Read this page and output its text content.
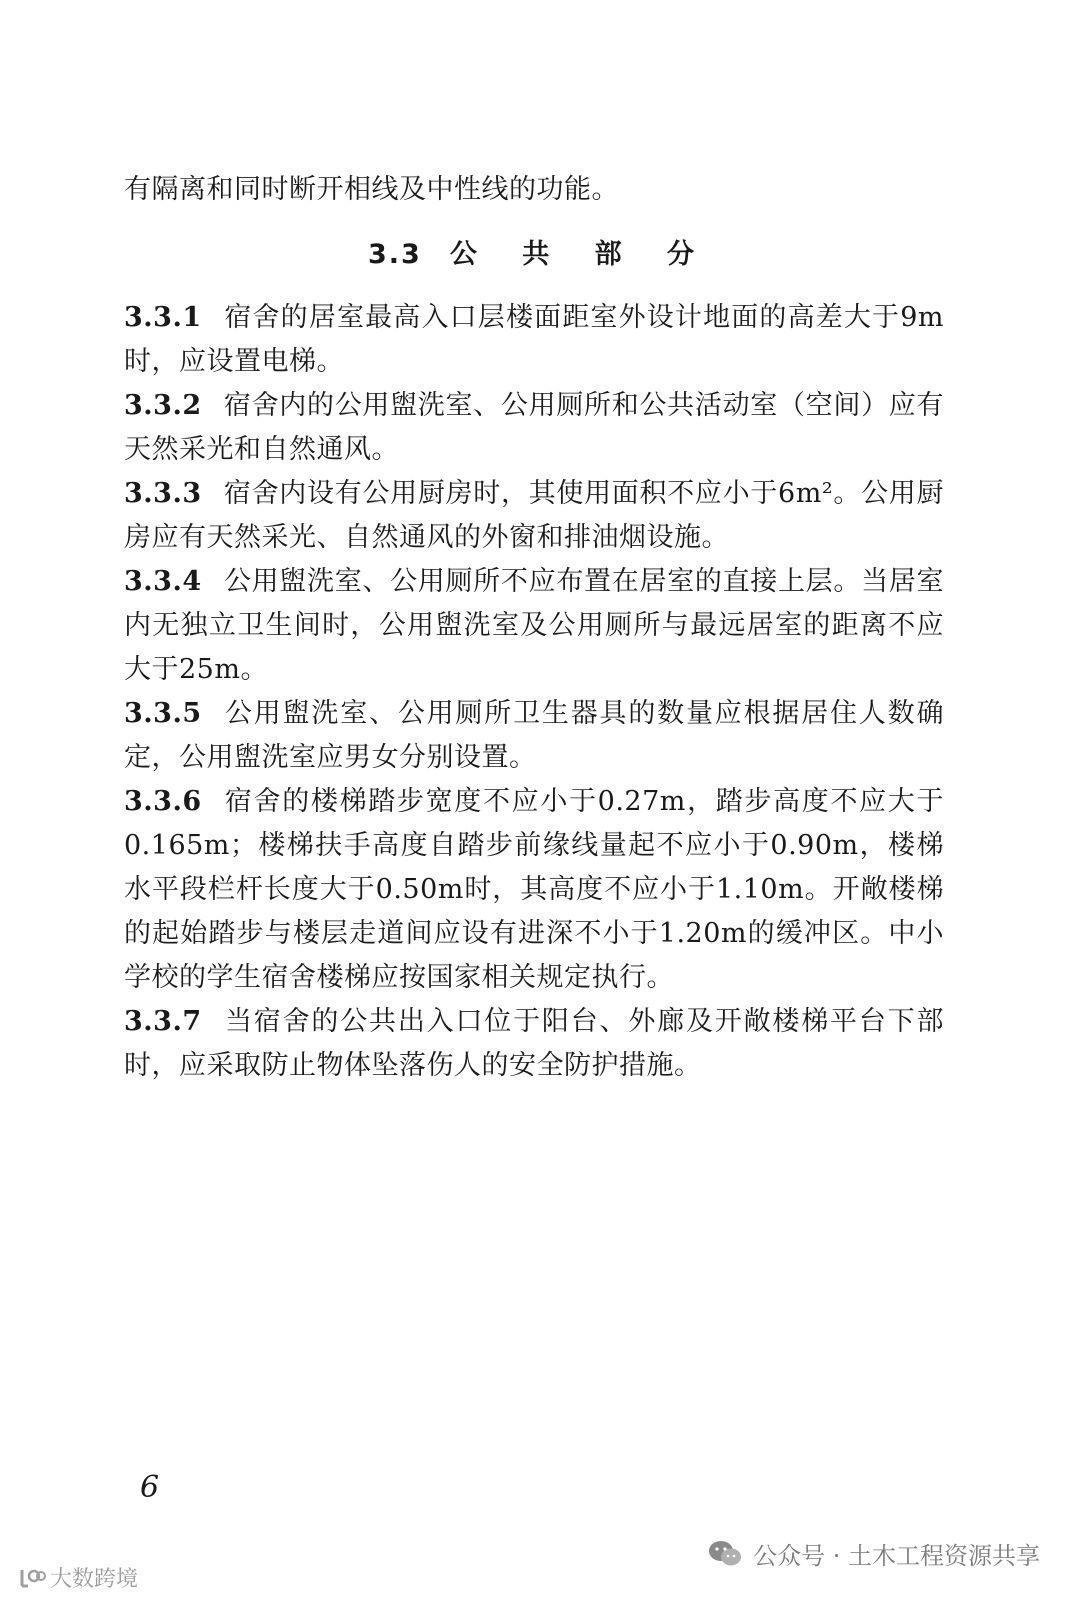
有隔离和同时断开相线及中性线的功能。
3.3 公 共 部 分

3.3.1 宿舍的居室最高入口层楼面距室外设计地面的高差大于9m时，应设置电梯。

3.3.2 宿舍内的公用盥洗室、公用厕所和公共活动室（空间）应有天然采光和自然通风。

3.3.3 宿舍内设有公用厨房时，其使用面积不应小于6m²。公用厨房应有天然采光、自然通风的外窗和排油烟设施。

3.3.4 公用盥洗室、公用厕所不应布置在居室的直接上层。当居室内无独立卫生间时，公用盥洗室及公用厕所与最远居室的距离不应大于25m。

3.3.5 公用盥洗室、公用厕所卫生器具的数量应根据居住人数确定，公用盥洗室应男女分别设置。

3.3.6 宿舍的楼梯踏步宽度不应小于0.27m，踏步高度不应大于0.165m；楼梯扶手高度自踏步前缘线量起不应小于0.90m，楼梯水平段栏杆长度大于0.50m时，其高度不应小于1.10m。开敞楼梯的起始踏步与楼层走道间应设有进深不小于1.20m的缓冲区。中小学校的学生宿舍楼梯应按国家相关规定执行。

3.3.7 当宿舍的公共出入口位于阳台、外廊及开敞楼梯平台下部时，应采取防止物体坠落伤人的安全防护措施。

6
公众号 · 土木工程资源共享
大数跨境
